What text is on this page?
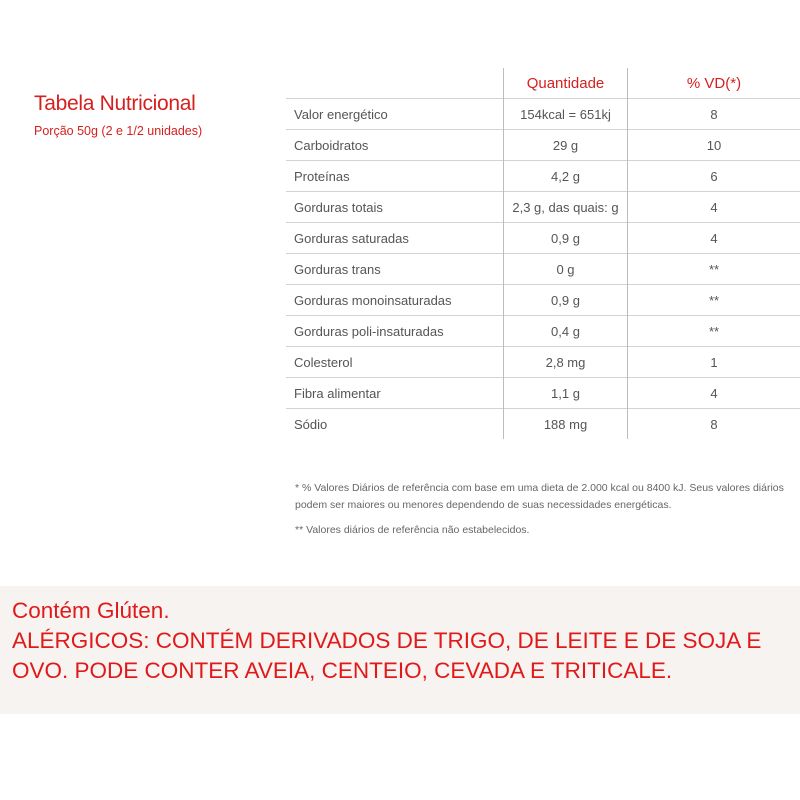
Tabela Nutricional
Porção 50g (2 e 1/2 unidades)
	Quantidade	% VD(*)
Valor energético	154kcal = 651kj	8
Carboidratos	29 g	10
Proteínas	4,2 g	6
Gorduras totais	2,3 g, das quais: g	4
Gorduras saturadas	0,9 g	4
Gorduras trans	0 g	**
Gorduras monoinsaturadas	0,9 g	**
Gorduras poli-insaturadas	0,4 g	**
Colesterol	2,8 mg	1
Fibra alimentar	1,1 g	4
Sódio	188 mg	8

* % Valores Diários de referência com base em uma dieta de 2.000 kcal ou 8400 kJ. Seus valores diários podem ser maiores ou menores dependendo de suas necessidades energéticas.

** Valores diários de referência não estabelecidos.

Contém Glúten.
ALÉRGICOS: CONTÉM DERIVADOS DE TRIGO, DE LEITE E DE SOJA E
OVO. PODE CONTER AVEIA, CENTEIO, CEVADA E TRITICALE.
